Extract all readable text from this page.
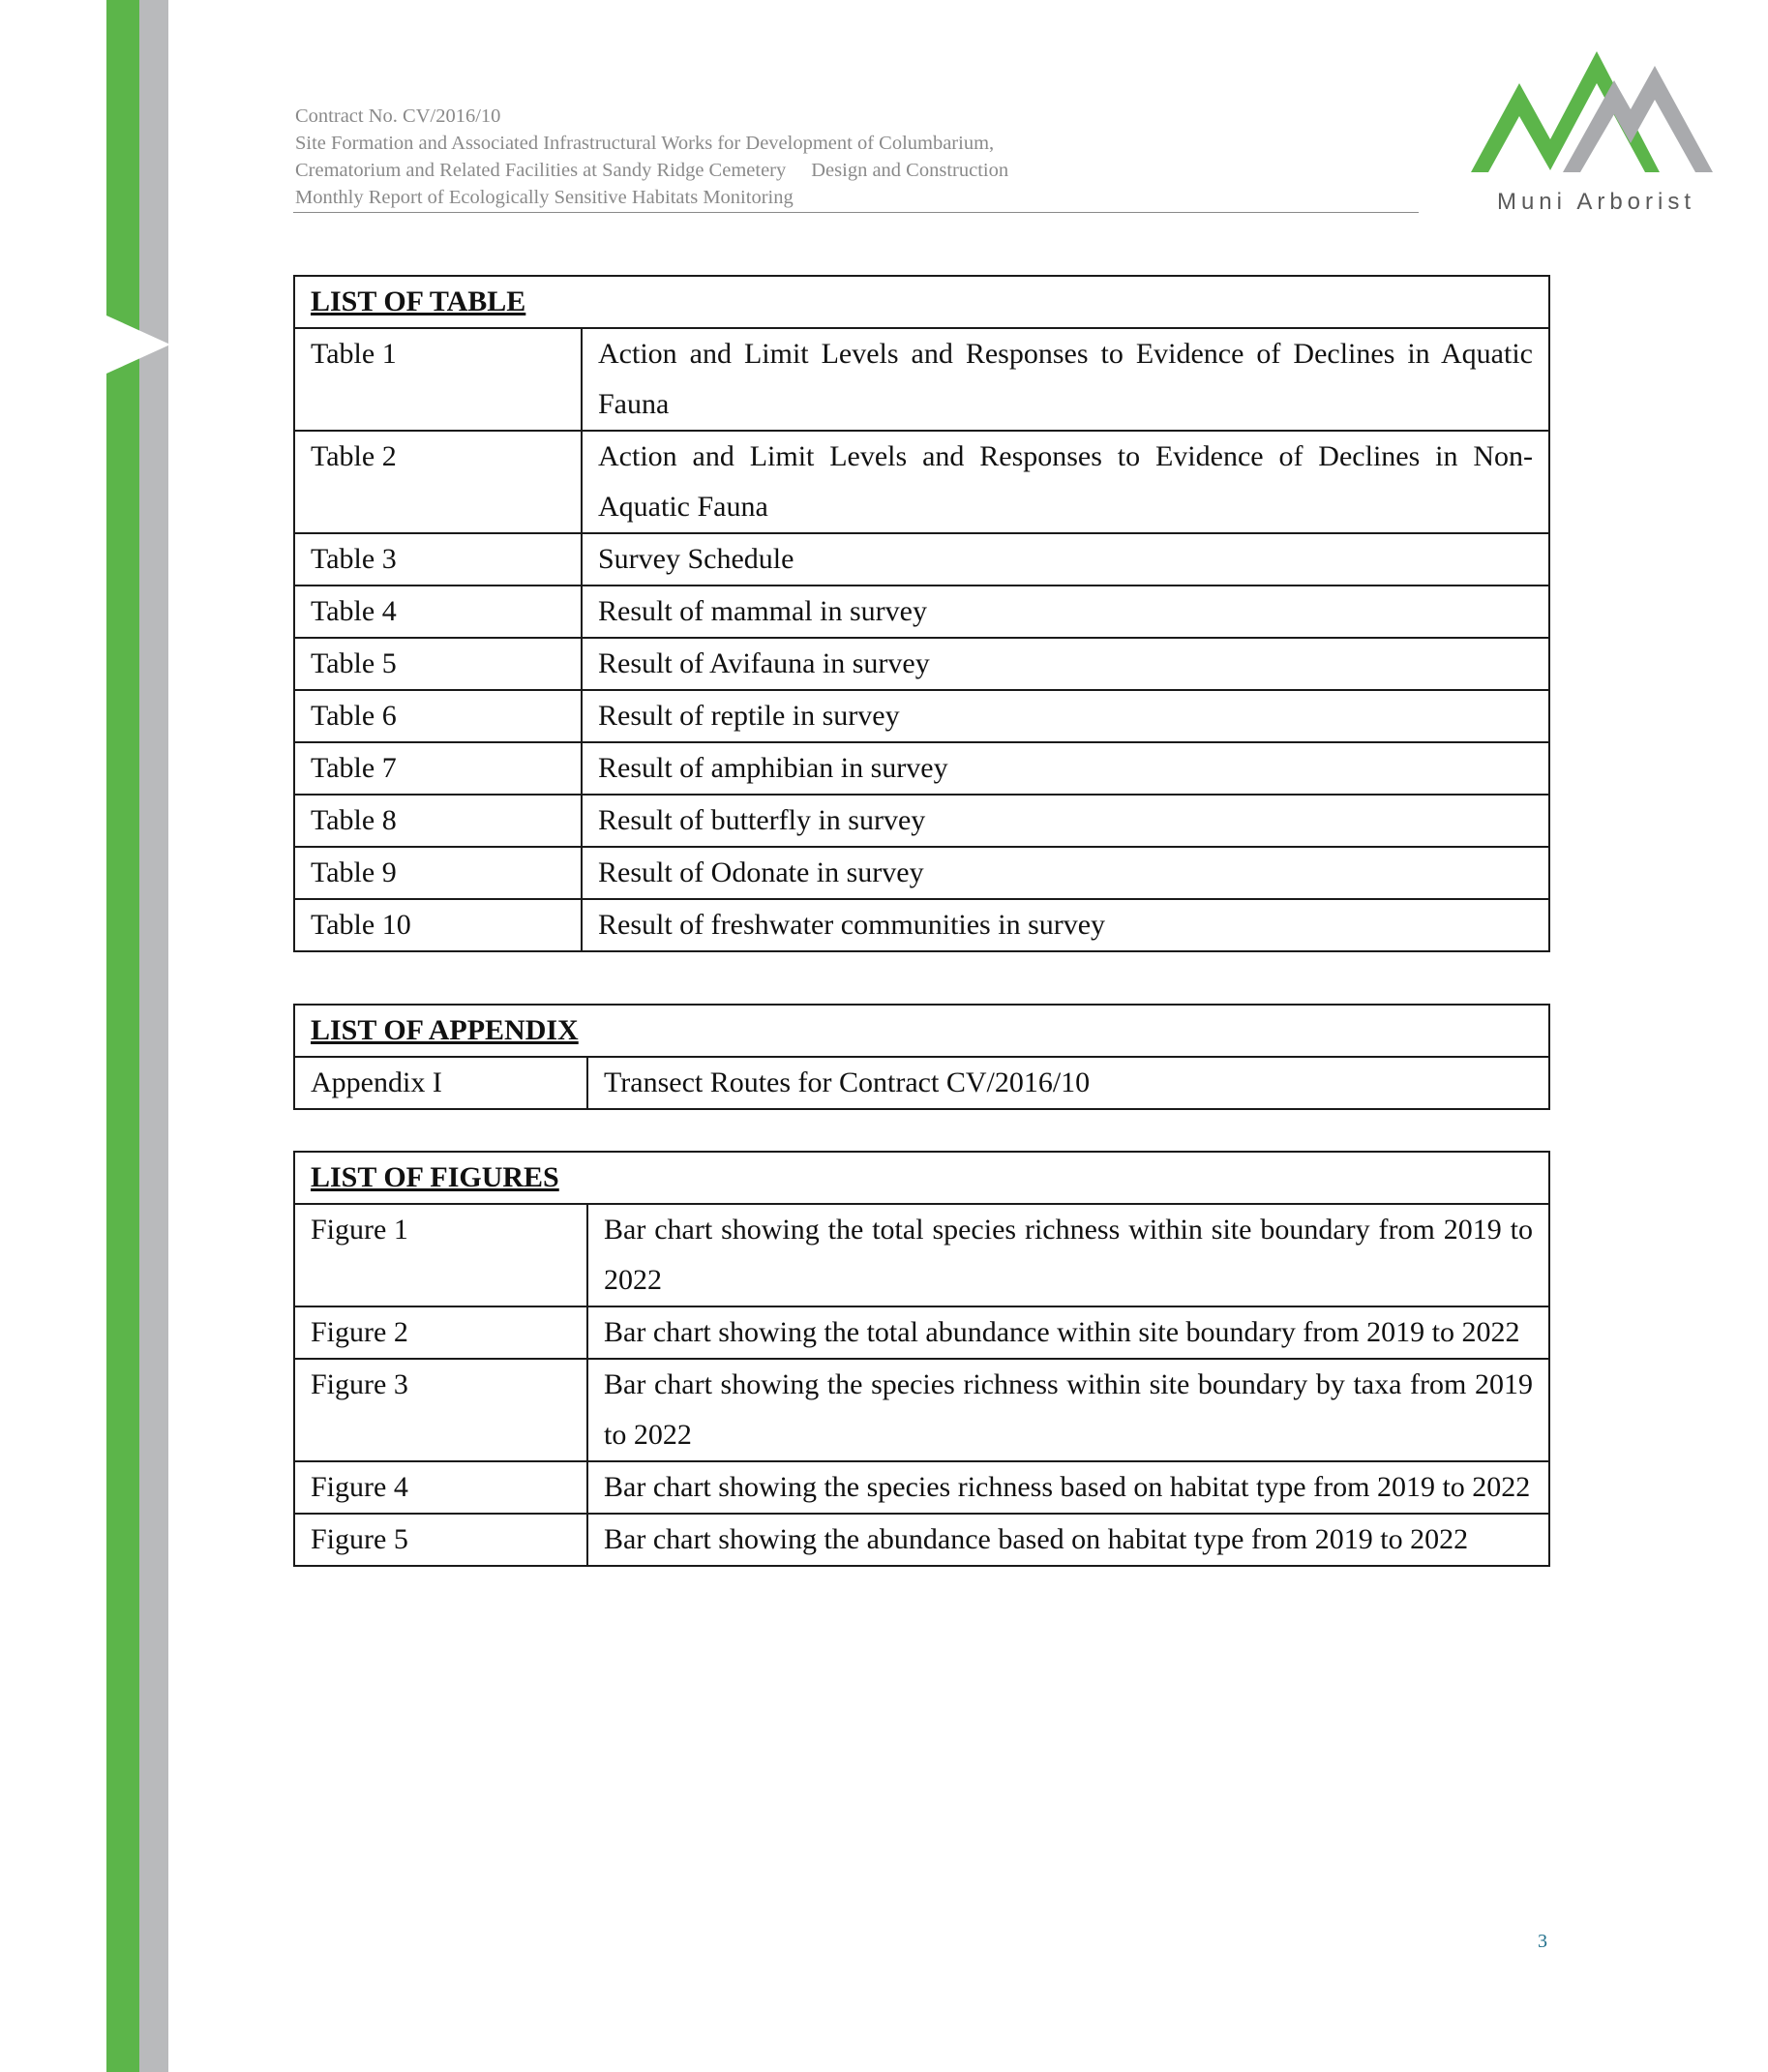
Contract No. CV/2016/10
Site Formation and Associated Infrastructural Works for Development of Columbarium,
Crematorium and Related Facilities at Sandy Ridge Cemetery Design and Construction
Monthly Report of Ecologically Sensitive Habitats Monitoring	Muni Arborist
LIST OF TABLE	
Table 1	Action and Limit Levels and Responses to Evidence of Declines in Aquatic Fauna
Table 2	Action and Limit Levels and Responses to Evidence of Declines in Non-Aquatic Fauna
Table 3	Survey Schedule
Table 4	Result of mammal in survey
Table 5	Result of Avifauna in survey
Table 6	Result of reptile in survey
Table 7	Result of amphibian in survey
Table 8	Result of butterfly in survey
Table 9	Result of Odonate in survey
Table 10	Result of freshwater communities in survey
LIST OF APPENDIX
Appendix I	Transect Routes for Contract CV/2016/10
LIST OF FIGURES	
Figure 1	Bar chart showing the total species richness within site boundary from 2019 to 2022
Figure 2	Bar chart showing the total abundance within site boundary from 2019 to 2022
Figure 3	Bar chart showing the species richness within site boundary by taxa from 2019 to 2022
Figure 4	Bar chart showing the species richness based on habitat type from 2019 to 2022
Figure 5	Bar chart showing the abundance based on habitat type from 2019 to 2022
3
